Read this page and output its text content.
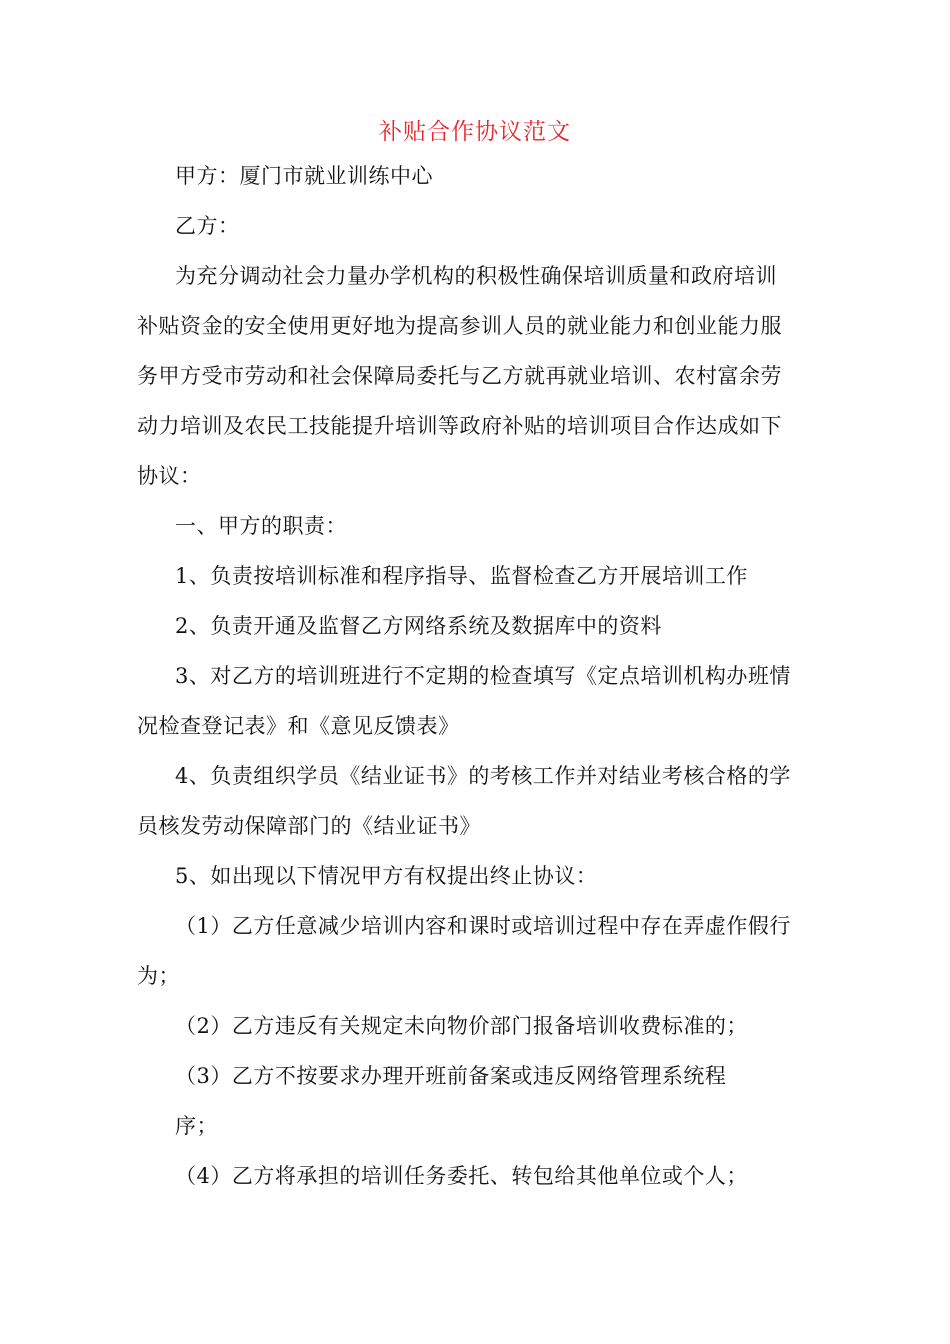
补贴合作协议范文
甲方：厦门市就业训练中心
乙方：
为充分调动社会力量办学机构的积极性确保培训质量和政府培训
补贴资金的安全使用更好地为提高参训人员的就业能力和创业能力服
务甲方受市劳动和社会保障局委托与乙方就再就业培训、农村富余劳
动力培训及农民工技能提升培训等政府补贴的培训项目合作达成如下
协议：
一、甲方的职责：
1、负责按培训标准和程序指导、监督检查乙方开展培训工作
2、负责开通及监督乙方网络系统及数据库中的资料
3、对乙方的培训班进行不定期的检查填写《定点培训机构办班情
况检查登记表》和《意见反馈表》
4、负责组织学员《结业证书》的考核工作并对结业考核合格的学
员核发劳动保障部门的《结业证书》
5、如出现以下情况甲方有权提出终止协议：
（1）乙方任意减少培训内容和课时或培训过程中存在弄虚作假行
为；
（2）乙方违反有关规定未向物价部门报备培训收费标准的；
（3）乙方不按要求办理开班前备案或违反网络管理系统程
序；
（4）乙方将承担的培训任务委托、转包给其他单位或个人；
